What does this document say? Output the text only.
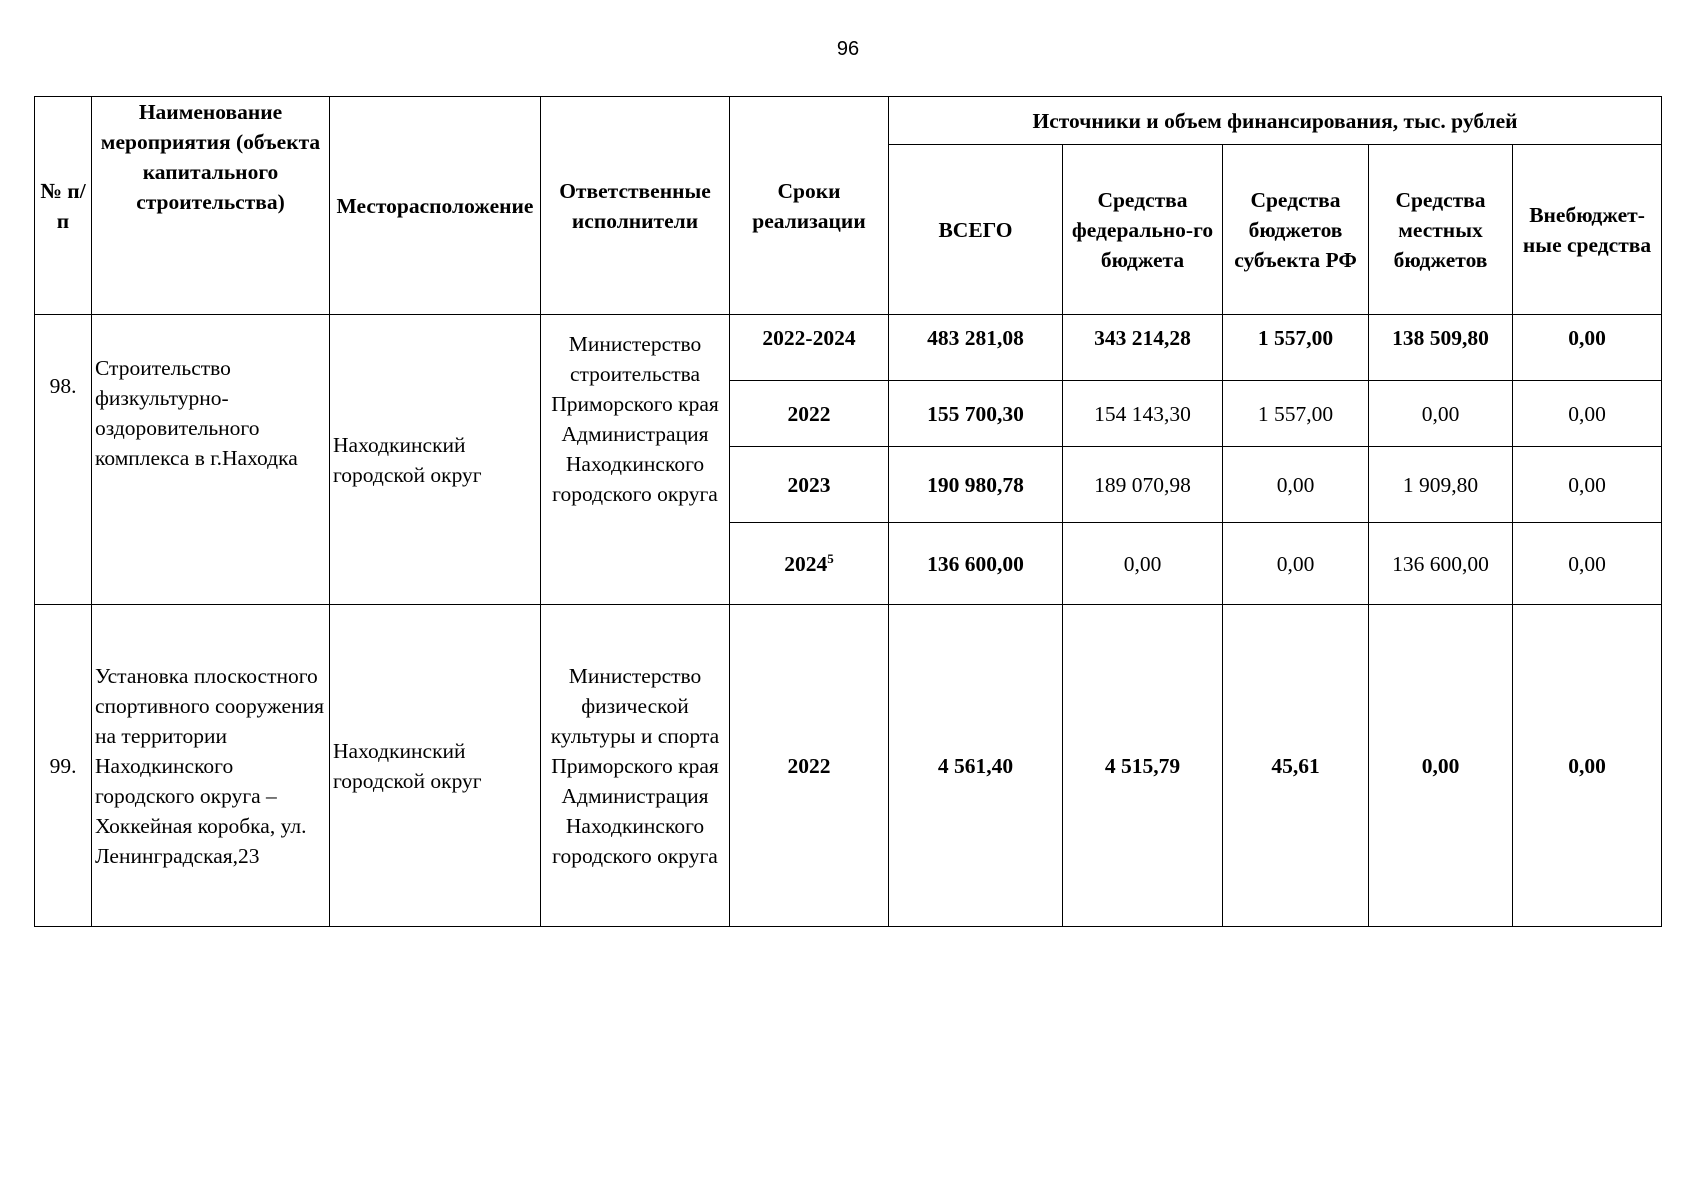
96
№ п/п	Наименование мероприятия (объекта капитального строительства)	Месторасположение	Ответственные исполнители	Сроки реализации	Источники и объем финансирования, тыс. рублей				
					ВСЕГО	Средства федерально-го бюджета	Средства бюджетов субъекта РФ	Средства местных бюджетов	Внебюджет-ные средства
98.	Строительство физкультурно-оздоровительного комплекса в г.Находка	Находкинский городской округ	Министерство строительства Приморского края Администрация Находкинского городского округа	2022-2024	483 281,08	343 214,28	1 557,00	138 509,80	0,00
				2022	155 700,30	154 143,30	1 557,00	0,00	0,00
				2023	190 980,78	189 070,98	0,00	1 909,80	0,00
				2024$^5$	136 600,00	0,00	0,00	136 600,00	0,00
99.	Установка плоскостного спортивного сооружения на территории Находкинского городского округа – Хоккейная коробка, ул. Ленинградская,23	Находкинский городской округ	Министерство физической культуры и спорта Приморского края Администрация Находкинского городского округа	2022	4 561,40	4 515,79	45,61	0,00	0,00
